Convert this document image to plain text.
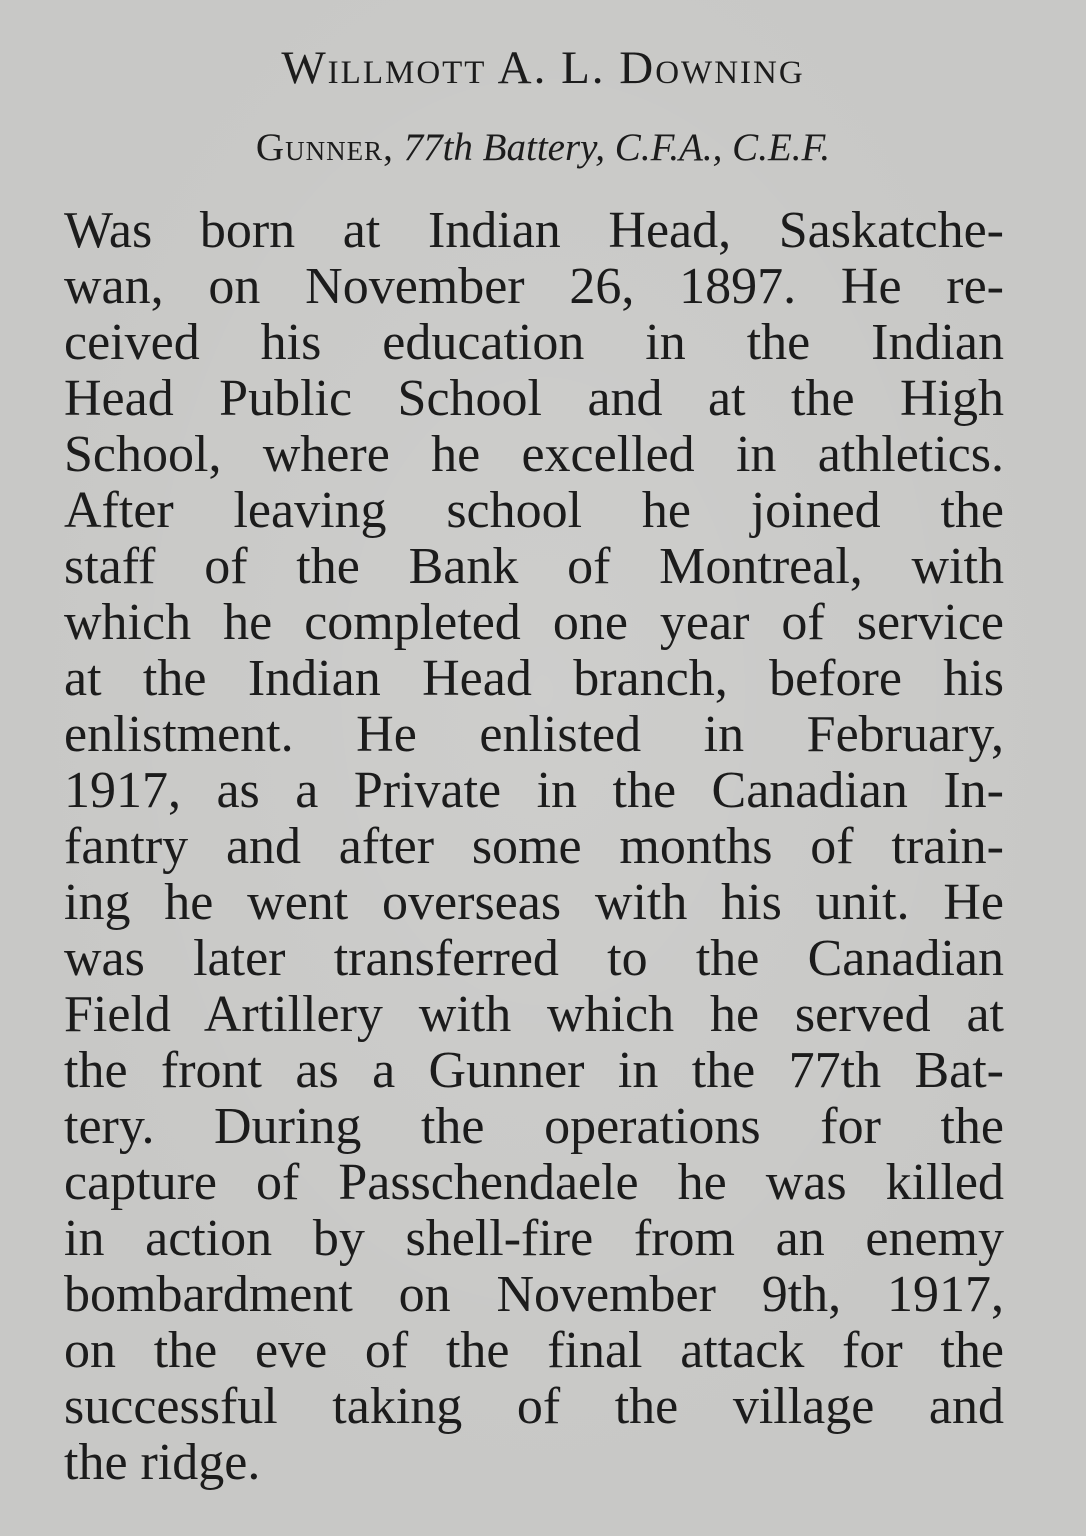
Willmott A. L. Downing
Gunner, 77th Battery, C.F.A., C.E.F.
Was born at Indian Head, Saskatche-
wan, on November 26, 1897. He re-
ceived his education in the Indian
Head Public School and at the High
School, where he excelled in athletics.
After leaving school he joined the
staff of the Bank of Montreal, with
which he completed one year of service
at the Indian Head branch, before his
enlistment. He enlisted in February,
1917, as a Private in the Canadian In-
fantry and after some months of train-
ing he went overseas with his unit. He
was later transferred to the Canadian
Field Artillery with which he served at
the front as a Gunner in the 77th Bat-
tery. During the operations for the
capture of Passchendaele he was killed
in action by shell-fire from an enemy
bombardment on November 9th, 1917,
on the eve of the final attack for the
successful taking of the village and
the ridge.
